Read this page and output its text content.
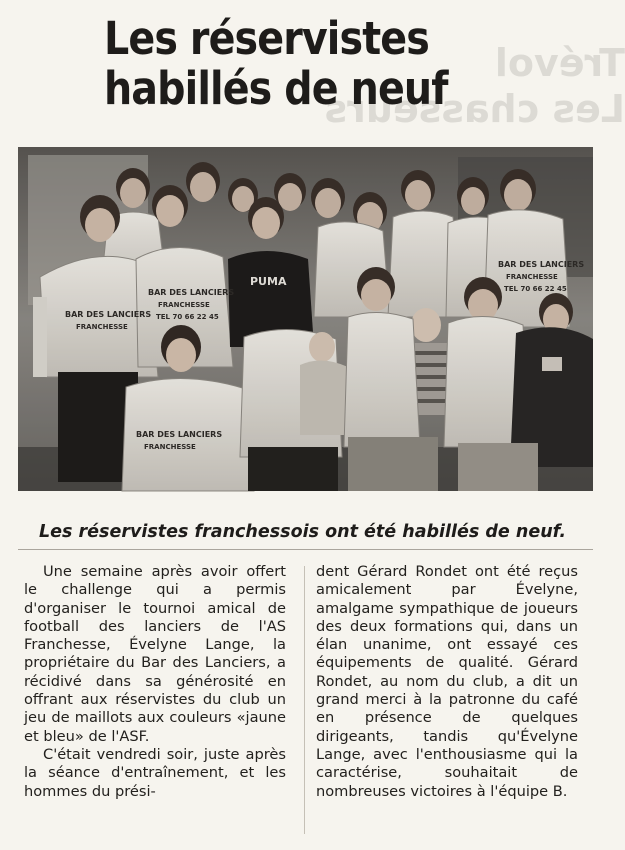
Trévol
Les chasseurs
Les réservistes
habillés de neuf
PUMA
BAR DES LANCIERS
FRANCHESSE
BAR DES LANCIERS
FRANCHESSE
TEL 70 66 22 45
BAR DES LANCIERS
FRANCHESSE
TEL 70 66 22 45
BAR DES LANCIERS
FRANCHESSE

Les réservistes franchessois ont été habillés de neuf.

Une semaine après avoir offert le challenge qui a permis d'organiser le tournoi amical de football des lanciers de l'AS Franchesse, Évelyne Lange, la propriétaire du Bar des Lanciers, a récidivé dans sa générosité en offrant aux réservistes du club un jeu de maillots aux couleurs «jaune et bleu» de l'ASF.

C'était vendredi soir, juste après la séance d'entraînement, et les hommes du prési-

dent Gérard Rondet ont été reçus amicalement par Évelyne, amalgame sympathique de joueurs des deux formations qui, dans un élan unanime, ont essayé ces équipements de qualité. Gérard Rondet, au nom du club, a dit un grand merci à la patronne du café en présence de quelques dirigeants, tandis qu'Évelyne Lange, avec l'enthousiasme qui la caractérise, souhaitait de nombreuses victoires à l'équipe B.
